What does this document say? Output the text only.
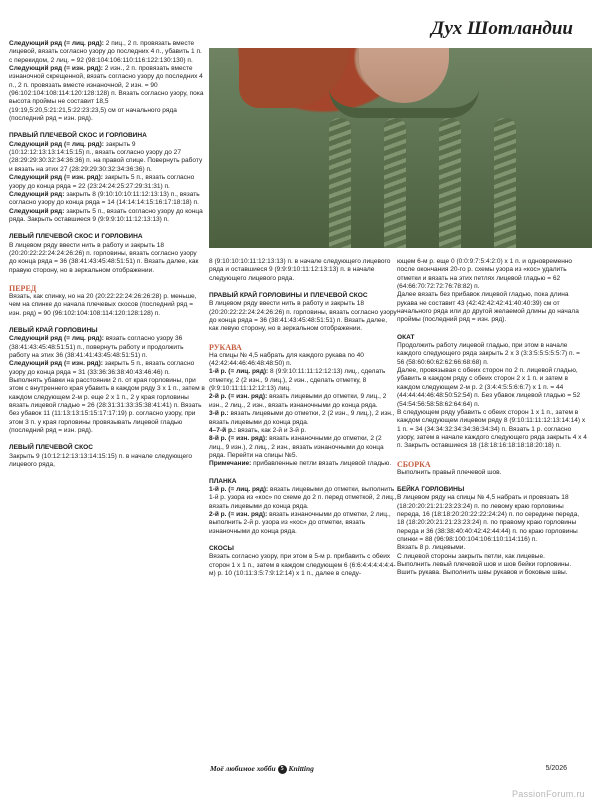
Дух Шотландии

Следующий ряд (= лиц. ряд): 2 пиц., 2 п. провязать вместе лицевой, вязать согласно узору до последних 4 п., убавить 1 п. с перекидом, 2 лиц. = 92 (98:104:106:110:116:122:130:130) п.

Следующий ряд (= изн. ряд): 2 изн., 2 п. провязать вместе изнаночной скрещенной, вязать согласно узору до последних 4 п., 2 п. провязать вместе изнаночной, 2 изн. = 90 (96:102:104:108:114:120:128:128) п. Вязать согласно узору, пока высота проймы не составит 18,5 (19:19,5:20,5:21:21,5:22:23:23,5) см от начального ряда (последний ряд = изн. ряд).

ПРАВЫЙ ПЛЕЧЕВОЙ СКОС И ГОРЛОВИНА

Следующий ряд (= лиц. ряд): закрыть 9 (10:12:12:13:13:14:15:15) п., вязать согласно узору до 27 (28:29:29:30:32:34:36:36) п. на правой спице. Повернуть работу и вязать на этих 27 (28:29:29:30:32:34:36:36) п.

Следующий ряд (= изн. ряд): закрыть 5 п., вязать согласно узору до конца ряда = 22 (23:24:24:25:27:29:31:31) п.

Следующий ряд: закрыть 8 (9:10:10:10:11:12:13:13) п., вязать согласно узору до конца ряда = 14 (14:14:14:15:16:17:18:18) п.

Следующий ряд: закрыть 5 п., вязать согласно узору до конца ряда. Закрыть оставшиеся 9 (9:9:9:10:11:12:13:13) п.

ЛЕВЫЙ ПЛЕЧЕВОЙ СКОС И ГОРЛОВИНА

В лицевом ряду ввести нить в работу и закрыть 18 (20:20:22:22:24:24:26:26) п. горловины, вязать согласно узору до конца ряда = 36 (38:41:43:45:48:51:51) п. Вязать далее, как правую сторону, но в зеркальном отображении.

ПЕРЕД

Вязать, как спинку, но на 20 (20:22:22:24:26:26:28) р. меньше, чем на спинке до начала плечевых скосов (последний ряд = изн. ряд) = 90 (96:102:104:108:114:120:128:128) п.

ЛЕВЫЙ КРАЙ ГОРЛОВИНЫ

Следующий ряд (= лиц. ряд): вязать согласно узору 36 (38:41:43:45:48:51:51) п., повернуть работу и продолжить работу на этих 36 (38:41:41:43:45:48:51:51) п.

Следующий ряд (= изн. ряд): закрыть 5 п., вязать согласно узору до конца ряда = 31 (33:36:36:38:40:43:46:46) п. Выполнять убавки на расстоянии 2 п. от края горловины, при этом с внутреннего края убавить в каждом ряду 3 х 1 п., затем в каждом следующем 2-м р. еще 2 х 1 п., 2 у края горловины вязать лицевой гладью = 26 (28:31:31:33:35:38:41:41) п. Вязать без убавок 11 (11:13:13:15:15:17:17:19) р. согласно узору, при этом 3 п. у края горловины провязывать лицевой гладью (последний ряд = изн. ряд).

ЛЕВЫЙ ПЛЕЧЕВОЙ СКОС

Закрыть 9 (10:12:12:13:13:14:15:15) п. в начале следующего лицевого ряда,

8 (9:10:10:10:11:12:13:13) п. в начале следующего лицевого ряда и оставшиеся 9 (9:9:9:10:11:12:13:13) п. в начале следующего лицевого ряда.

ПРАВЫЙ КРАЙ ГОРЛОВИНЫ И ПЛЕЧЕВОЙ СКОС

В лицевом ряду ввести нить в работу и закрыть 18 (20:20:22:22:24:24:26:26) п. горловины, вязать согласно узору до конца ряда = 36 (38:41:43:45:48:51:51) п. Вязать далее, как левую сторону, но в зеркальном отображении.

РУКАВА

На спицы № 4,5 набрать для каждого рукава по 40 (42:42:44:46:46:48:48:50) п.

1-й р. (= лиц. ряд): 8 (9:9:10:11:11:12:12:13) лиц., сделать отметку, 2 (2 изн., 9 лиц.), 2 изн., сделать отметку, 8 (9:9:10:11:11:12:12:13) лиц.

2-й р. (= изн. ряд): вязать лицевыми до отметки, 9 лиц., 2 изн., 2 лиц., 2 изн., вязать изнаночными до конца ряда.

3-й р.: вязать лицевыми до отметки, 2 (2 изн., 9 лиц.), 2 изн., вязать лицевыми до конца ряда.

4–7-й р.: вязать, как 2-й и 3-й р.

8-й р. (= изн. ряд): вязать изнаночными до отметки, 2 (2 лиц., 9 изн.), 2 лиц., 2 изн., вязать изнаночными до конца ряда. Перейти на спицы №5.

Примечание: прибавленные петли вязать лицевой гладью.

ПЛАНКА

1-й р. (= лиц. ряд): вязать лицевыми до отметки, выполнить 1-й р. узора из «кос» по схеме до 2 п. перед отметкой, 2 лиц., вязать лицевыми до конца ряда.

2-й р. (= изн. ряд): вязать изнаночными до отметки, 2 лиц., выполнить 2-й р. узора из «кос» до отметки, вязать изнаночными до конца ряда.

СКОСЫ

Вязать согласно узору, при этом в 5-м р. прибавить с обеих сторон 1 х 1 п., затем в каждом следующем 6 (6:6:4:4:4:4:4:4-м) р. 10 (10:11:3:5:7:9:12:14) х 1 п., далее в следу-

ющем 6-м р. еще 0 (0:0:9:7:5:4:2:0) х 1 п. и одновременно после окончания 20-го р. схемы узора из «кос» удалить отметки и вязать на этих петлях лицевой гладью = 62 (64:66:70:72:72:76:78:82) п.

Далее вязать без прибавок лицевой гладью, пока длина рукава не составит 43 (42:42:42:42:41:40:40:39) см от начального ряда или до другой желаемой длины до начала проймы (последний ряд = изн. ряд).

ОКАТ

Продолжить работу лицевой гладью, при этом в начале каждого следующего ряда закрыть 2 х 3 (3:3:5:5:5:5:5:7) п. = 56 (58:60:60:62:62:66:68:68) п.

Далее, провязывая с обеих сторон по 2 п. лицевой гладью, убавить в каждом ряду с обеих сторон 2 х 1 п. и затем в каждом следующем 2-м р. 2 (3:4:4:5:5:6:6:7) х 1 п. = 44 (44:44:44:46:48:50:52:54) п. Без убавок лицевой гладью = 52 (54:54:56:58:58:62:64:64) п.

В следующем ряду убавить с обеих сторон 1 х 1 п., затем в каждом следующем лицевом ряду 8 (9:10:11:11:12:13:14:14) х 1 п. = 34 (34:34:32:34:34:36:34:34) п. Вязать 1 р. согласно узору, затем в начале каждого следующего ряда закрыть 4 х 4 п. Закрыть оставшиеся 18 (18:18:16:18:18:18:20:18) п.

СБОРКА

Выполнить правый плечевой шов.

БЕЙКА ГОРЛОВИНЫ

В лицевом ряду на спицы № 4,5 набрать и провязать 18 (18:20:20:21:21:23:23:24) п. по левому краю горловины переда, 16 (18:18:20:20:22:22:24:24) п. по середине переда, 18 (18:20:20:21:21:23:23:24) п. по правому краю горловины переда и 36 (38:38:40:40:42:42:44:44) п. по краю горловины спинки = 88 (96:98:100:104:106:110:114:116) п.

Вязать 8 р. лицевыми.

С лицевой стороны закрыть петли, как лицевые.

Выполнить левый плечевой шов и шов бейки горловины.

Вшить рукава. Выполнить швы рукавов и боковые швы.

Моё любимое хобби 5 Knitting	5/2026
PassionForum.ru
